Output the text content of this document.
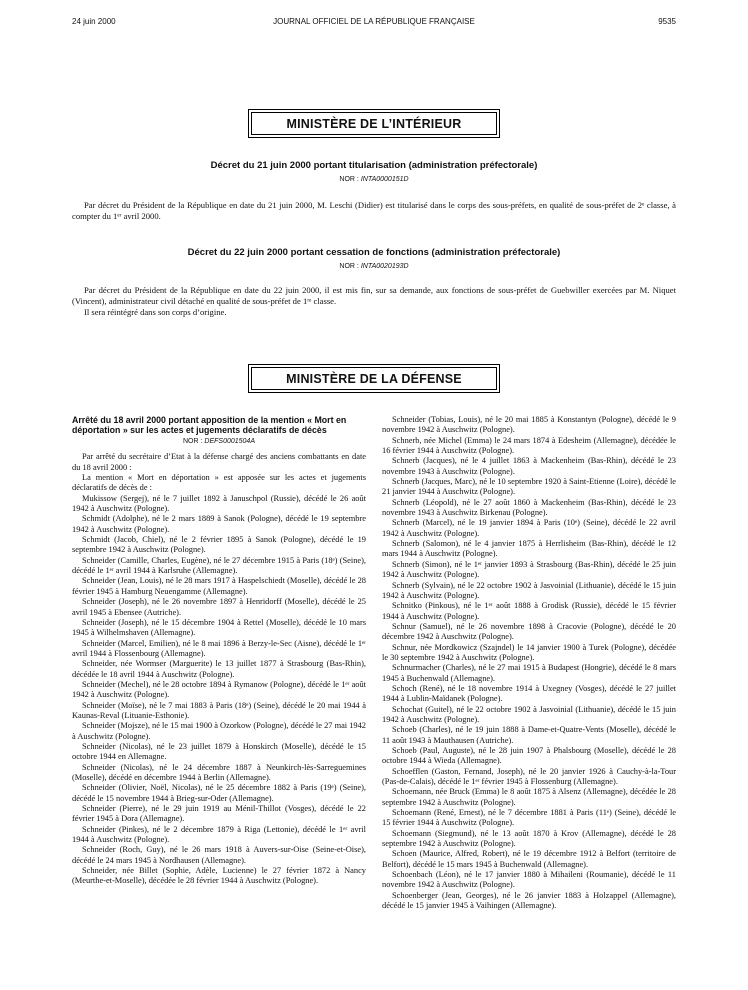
24 juin 2000	JOURNAL OFFICIEL DE LA RÉPUBLIQUE FRANÇAISE	9535
MINISTÈRE DE L’INTÉRIEUR
Décret du 21 juin 2000 portant titularisation (administration préfectorale)
NOR : INTA0000151D

Par décret du Président de la République en date du 21 juin 2000, M. Leschi (Didier) est titularisé dans le corps des sous-préfets, en qualité de sous-préfet de 2ᵉ classe, à compter du 1ᵉʳ avril 2000.

Décret du 22 juin 2000 portant cessation de fonctions (administration préfectorale)
NOR : INTA0020193D

Par décret du Président de la République en date du 22 juin 2000, il est mis fin, sur sa demande, aux fonctions de sous-préfet de Guebwiller exercées par M. Niquet (Vincent), administrateur civil détaché en qualité de sous-préfet de 1ʳᵉ classe.

Il sera réintégré dans son corps d’origine.

MINISTÈRE DE LA DÉFENSE
Arrêté du 18 avril 2000 portant apposition de la mention « Mort en déportation » sur les actes et jugements déclaratifs de décès
NOR : DEFS0001504A

Par arrêté du secrétaire d’Etat à la défense chargé des anciens combattants en date du 18 avril 2000 :

La mention « Mort en déportation » est apposée sur les actes et jugements déclaratifs de décès de :

Mukissow (Sergej), né le 7 juillet 1892 à Januschpol (Russie), décédé le 26 août 1942 à Auschwitz (Pologne).

Schmidt (Adolphe), né le 2 mars 1889 à Sanok (Pologne), décédé le 19 septembre 1942 à Auschwitz (Pologne).

Schmidt (Jacob, Chiel), né le 2 février 1895 à Sanok (Pologne), décédé le 19 septembre 1942 à Auschwitz (Pologne).

Schneider (Camille, Charles, Eugène), né le 27 décembre 1915 à Paris (18ᵉ) (Seine), décédé le 1ᵉʳ avril 1944 à Karlsruhe (Allemagne).

Schneider (Jean, Louis), né le 28 mars 1917 à Haspelschiedt (Moselle), décédé le 28 février 1945 à Hamburg Neuengamme (Allemagne).

Schneider (Joseph), né le 26 novembre 1897 à Henridorff (Moselle), décédé le 25 avril 1945 à Ebensee (Autriche).

Schneider (Joseph), né le 15 décembre 1904 à Rettel (Moselle), décédé le 10 mars 1945 à Wilhelmshaven (Allemagne).

Schneider (Marcel, Emilien), né le 8 mai 1896 à Berzy-le-Sec (Aisne), décédé le 1ᵉʳ avril 1944 à Flossenbourg (Allemagne).

Schneider, née Wormser (Marguerite) le 13 juillet 1877 à Strasbourg (Bas-Rhin), décédée le 18 avril 1944 à Auschwitz (Pologne).

Schneider (Mechel), né le 28 octobre 1894 à Rymanow (Pologne), décédé le 1ᵉʳ août 1942 à Auschwitz (Pologne).

Schneider (Moïse), né le 7 mai 1883 à Paris (18ᵉ) (Seine), décédé le 20 mai 1944 à Kaunas-Reval (Lituanie-Esthonie).

Schneider (Mojsze), né le 15 mai 1900 à Ozorkow (Pologne), décédé le 27 mai 1942 à Auschwitz (Pologne).

Schneider (Nicolas), né le 23 juillet 1879 à Honskirch (Moselle), décédé le 15 octobre 1944 en Allemagne.

Schneider (Nicolas), né le 24 décembre 1887 à Neunkirch-lès-Sarreguemines (Moselle), décédé en décembre 1944 à Berlin (Allemagne).

Schneider (Olivier, Noël, Nicolas), né le 25 décembre 1882 à Paris (19ᵉ) (Seine), décédé le 15 novembre 1944 à Brieg-sur-Oder (Allemagne).

Schneider (Pierre), né le 29 juin 1919 au Ménil-Thillot (Vosges), décédé le 22 février 1945 à Dora (Allemagne).

Schneider (Pinkes), né le 2 décembre 1879 à Riga (Lettonie), décédé le 1ᵉʳ avril 1944 à Auschwitz (Pologne).

Schneider (Roch, Guy), né le 26 mars 1918 à Auvers-sur-Oise (Seine-et-Oise), décédé le 24 mars 1945 à Nordhausen (Allemagne).

Schneider, née Billet (Sophie, Adèle, Lucienne) le 27 février 1872 à Nancy (Meurthe-et-Moselle), décédée le 28 février 1944 à Auschwitz (Pologne).

Schneider (Tobias, Louis), né le 20 mai 1885 à Konstantyn (Pologne), décédé le 9 novembre 1942 à Auschwitz (Pologne).

Schnerb, née Michel (Emma) le 24 mars 1874 à Edesheim (Allemagne), décédée le 16 février 1944 à Auschwitz (Pologne).

Schnerb (Jacques), né le 4 juillet 1863 à Mackenheim (Bas-Rhin), décédé le 23 novembre 1943 à Auschwitz (Pologne).

Schnerb (Jacques, Marc), né le 10 septembre 1920 à Saint-Etienne (Loire), décédé le 21 janvier 1944 à Auschwitz (Pologne).

Schnerb (Léopold), né le 27 août 1860 à Mackenheim (Bas-Rhin), décédé le 23 novembre 1943 à Auschwitz Birkenau (Pologne).

Schnerb (Marcel), né le 19 janvier 1894 à Paris (10ᵉ) (Seine), décédé le 22 avril 1942 à Auschwitz (Pologne).

Schnerb (Salomon), né le 4 janvier 1875 à Herrlisheim (Bas-Rhin), décédé le 12 mars 1944 à Auschwitz (Pologne).

Schnerb (Simon), né le 1ᵉʳ janvier 1893 à Strasbourg (Bas-Rhin), décédé le 25 juin 1942 à Auschwitz (Pologne).

Schnerb (Sylvain), né le 22 octobre 1902 à Jasvoinial (Lithuanie), décédé le 15 juin 1942 à Auschwitz (Pologne).

Schnitko (Pinkous), né le 1ᵉʳ août 1888 à Grodisk (Russie), décédé le 15 février 1944 à Auschwitz (Pologne).

Schnur (Samuel), né le 26 novembre 1898 à Cracovie (Pologne), décédé le 20 décembre 1942 à Auschwitz (Pologne).

Schnur, née Mordkowicz (Szajndel) le 14 janvier 1900 à Turek (Pologne), décédée le 30 septembre 1942 à Auschwitz (Pologne).

Schnurmacher (Charles), né le 27 mai 1915 à Budapest (Hongrie), décédé le 8 mars 1945 à Buchenwald (Allemagne).

Schoch (René), né le 18 novembre 1914 à Uxegney (Vosges), décédé le 27 juillet 1944 à Lublin-Maïdanek (Pologne).

Schochat (Guitel), né le 22 octobre 1902 à Jasvoinial (Lithuanie), décédé le 15 juin 1942 à Auschwitz (Pologne).

Schoeb (Charles), né le 19 juin 1888 à Dame-et-Quatre-Vents (Moselle), décédé le 11 août 1943 à Mauthausen (Autriche).

Schoeb (Paul, Auguste), né le 28 juin 1907 à Phalsbourg (Moselle), décédé le 28 octobre 1944 à Wieda (Allemagne).

Schoefflen (Gaston, Fernand, Joseph), né le 20 janvier 1926 à Cauchy-à-la-Tour (Pas-de-Calais), décédé le 1ᵉʳ février 1945 à Flossenburg (Allemagne).

Schoemann, née Bruck (Emma) le 8 août 1875 à Alsenz (Allemagne), décédée le 28 septembre 1942 à Auschwitz (Pologne).

Schoemann (René, Ernest), né le 7 décembre 1881 à Paris (11ᵉ) (Seine), décédé le 15 février 1944 à Auschwitz (Pologne).

Schoemann (Siegmund), né le 13 août 1870 à Krov (Allemagne), décédé le 28 septembre 1942 à Auschwitz (Pologne).

Schoen (Maurice, Alfred, Robert), né le 19 décembre 1912 à Belfort (territoire de Belfort), décédé le 15 mars 1945 à Buchenwald (Allemagne).

Schoenbach (Léon), né le 17 janvier 1880 à Mihaileni (Roumanie), décédé le 11 novembre 1942 à Auschwitz (Pologne).

Schoenberger (Jean, Georges), né le 26 janvier 1883 à Holzappel (Allemagne), décédé le 15 janvier 1945 à Vaihingen (Allemagne).
